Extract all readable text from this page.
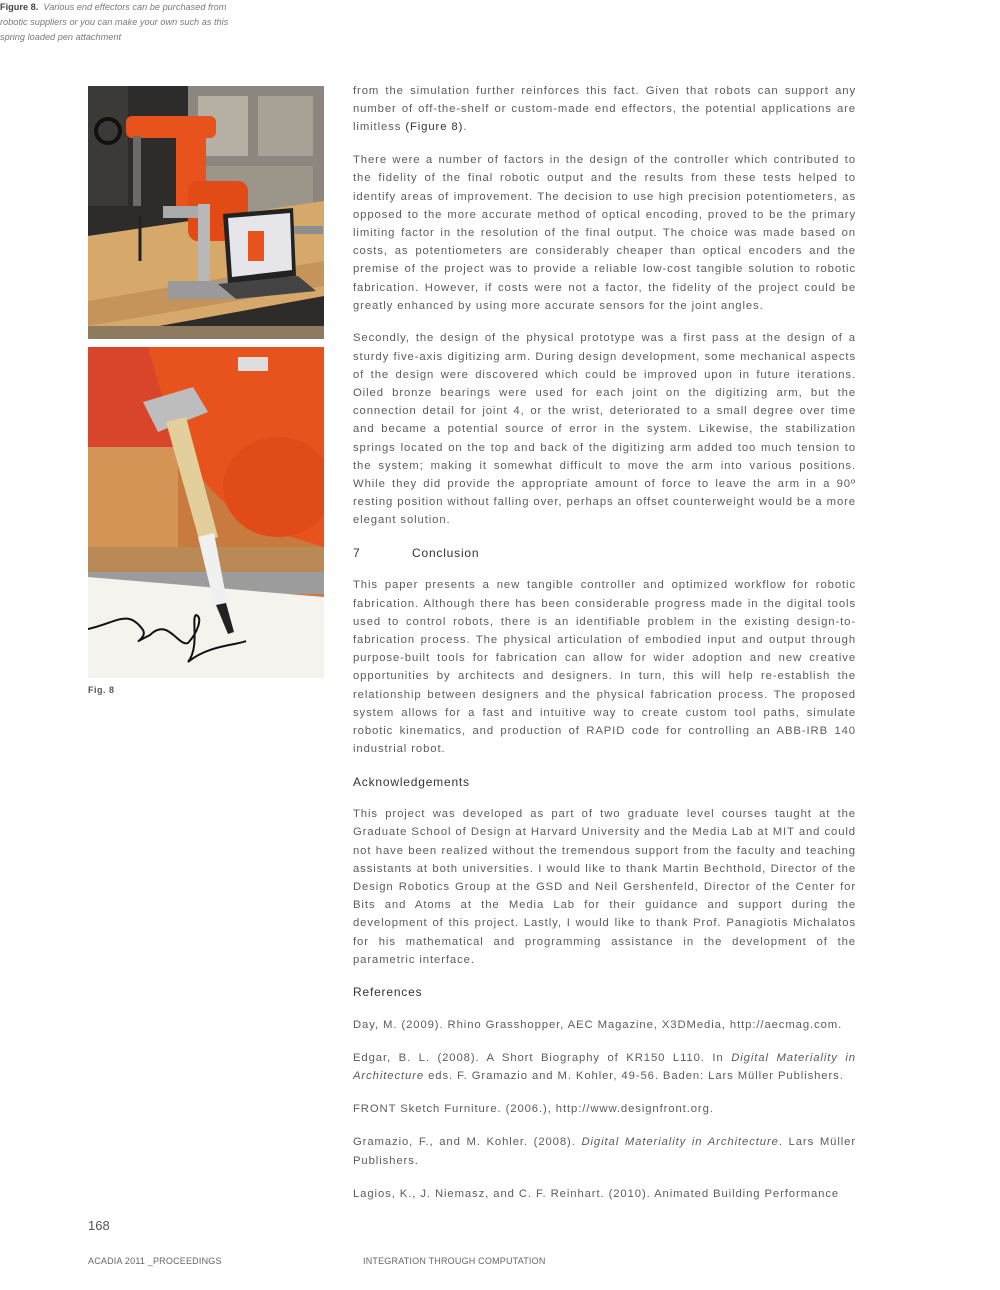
Fig. 8
Figure 8. Various end effectors can be purchased from robotic suppliers or you can make your own such as this spring loaded pen attachment

from the simulation further reinforces this fact. Given that robots can support any number of off-the-shelf or custom-made end effectors, the potential applications are limitless (Figure 8).

There were a number of factors in the design of the controller which contributed to the fidelity of the final robotic output and the results from these tests helped to identify areas of improvement. The decision to use high precision potentiometers, as opposed to the more accurate method of optical encoding, proved to be the primary limiting factor in the resolution of the final output. The choice was made based on costs, as potentiometers are considerably cheaper than optical encoders and the premise of the project was to provide a reliable low-cost tangible solution to robotic fabrication. However, if costs were not a factor, the fidelity of the project could be greatly enhanced by using more accurate sensors for the joint angles.

Secondly, the design of the physical prototype was a first pass at the design of a sturdy five-axis digitizing arm. During design development, some mechanical aspects of the design were discovered which could be improved upon in future iterations. Oiled bronze bearings were used for each joint on the digitizing arm, but the connection detail for joint 4, or the wrist, deteriorated to a small degree over time and became a potential source of error in the system. Likewise, the stabilization springs located on the top and back of the digitizing arm added too much tension to the system; making it somewhat difficult to move the arm into various positions. While they did provide the appropriate amount of force to leave the arm in a 90º resting position without falling over, perhaps an offset counterweight would be a more elegant solution.

7	Conclusion

This paper presents a new tangible controller and optimized workflow for robotic fabrication. Although there has been considerable progress made in the digital tools used to control robots, there is an identifiable problem in the existing design-to-fabrication process. The physical articulation of embodied input and output through purpose-built tools for fabrication can allow for wider adoption and new creative opportunities by architects and designers. In turn, this will help re-establish the relationship between designers and the physical fabrication process. The proposed system allows for a fast and intuitive way to create custom tool paths, simulate robotic kinematics, and production of RAPID code for controlling an ABB-IRB 140 industrial robot.

Acknowledgements

This project was developed as part of two graduate level courses taught at the Graduate School of Design at Harvard University and the Media Lab at MIT and could not have been realized without the tremendous support from the faculty and teaching assistants at both universities. I would like to thank Martin Bechthold, Director of the Design Robotics Group at the GSD and Neil Gershenfeld, Director of the Center for Bits and Atoms at the Media Lab for their guidance and support during the development of this project. Lastly, I would like to thank Prof. Panagiotis Michalatos for his mathematical and programming assistance in the development of the parametric interface.

References

Day, M. (2009). Rhino Grasshopper, AEC Magazine, X3DMedia, http://aecmag.com.

Edgar, B. L. (2008). A Short Biography of KR150 L110. In Digital Materiality in Architecture eds. F. Gramazio and M. Kohler, 49-56. Baden: Lars Müller Publishers.

FRONT Sketch Furniture. (2006.), http://www.designfront.org.

Gramazio, F., and M. Kohler. (2008). Digital Materiality in Architecture. Lars Müller Publishers.

Lagios, K., J. Niemasz, and C. F. Reinhart. (2010). Animated Building Performance

168
ACADIA 2011 _PROCEEDINGS	INTEGRATION THROUGH COMPUTATION
